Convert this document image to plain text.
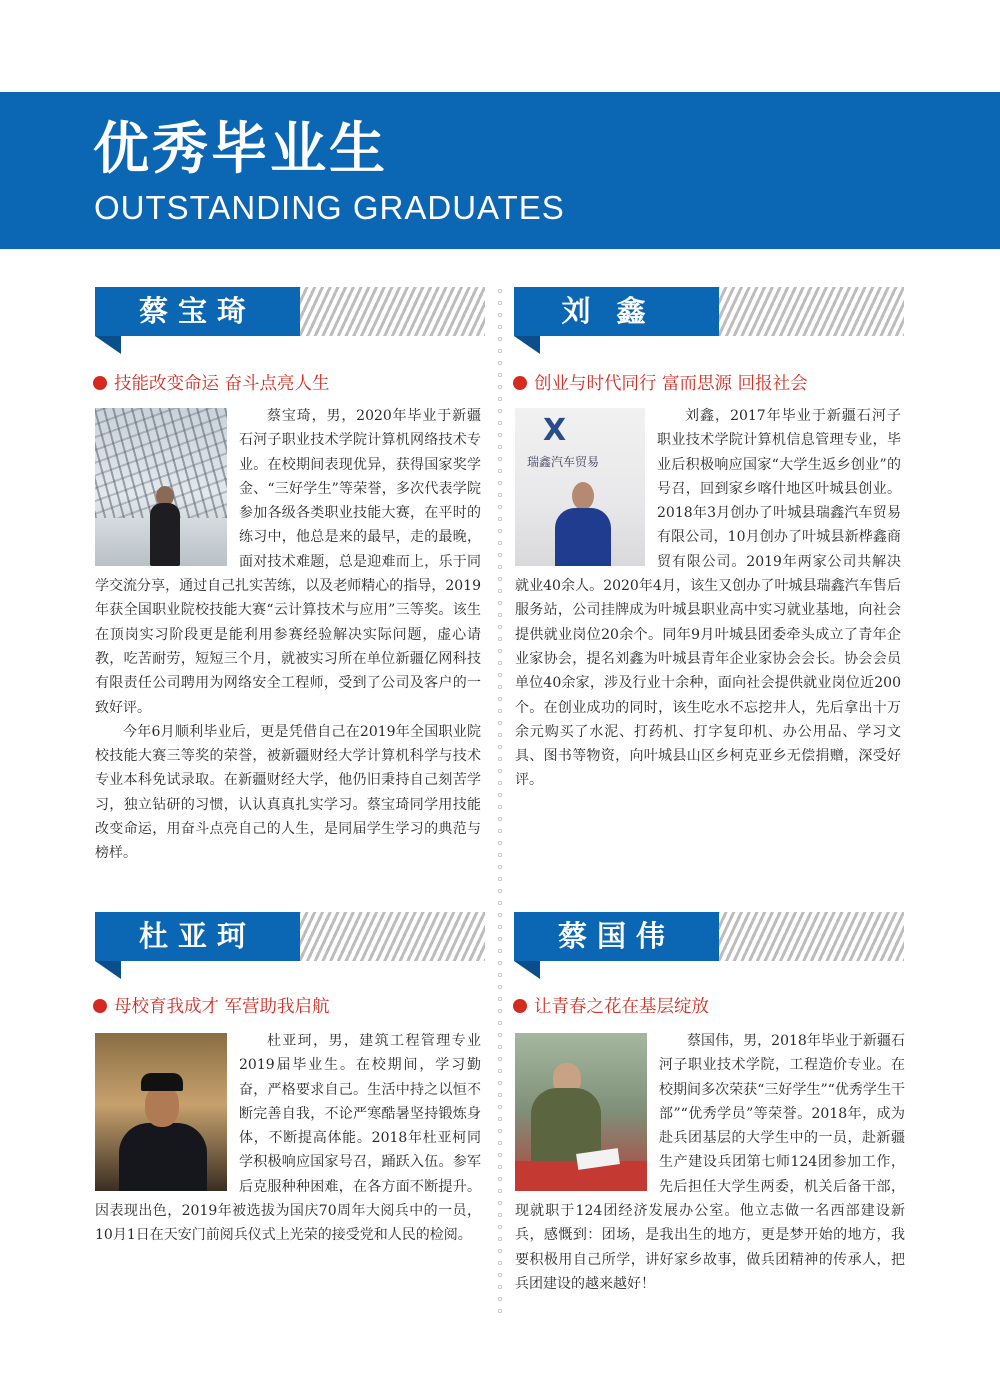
优秀毕业生
OUTSTANDING GRADUATES
蔡宝琦
技能改变命运 奋斗点亮人生

蔡宝琦，男，2020年毕业于新疆石河子职业技术学院计算机网络技术专业。在校期间表现优异，获得国家奖学金、“三好学生”等荣誉，多次代表学院参加各级各类职业技能大赛，在平时的练习中，他总是来的最早，走的最晚，面对技术难题，总是迎难而上，乐于同学交流分享，通过自己扎实苦练，以及老师精心的指导，2019年获全国职业院校技能大赛“云计算技术与应用”三等奖。该生在顶岗实习阶段更是能利用参赛经验解决实际问题，虚心请教，吃苦耐劳，短短三个月，就被实习所在单位新疆亿网科技有限责任公司聘用为网络安全工程师，受到了公司及客户的一致好评。

今年6月顺利毕业后，更是凭借自己在2019年全国职业院校技能大赛三等奖的荣誉，被新疆财经大学计算机科学与技术专业本科免试录取。在新疆财经大学，他仍旧秉持自己刻苦学习，独立钻研的习惯，认认真真扎实学习。蔡宝琦同学用技能改变命运，用奋斗点亮自己的人生，是同届学生学习的典范与榜样。

刘鑫
创业与时代同行 富而思源 回报社会
X
瑞鑫汽车贸易

刘鑫，2017年毕业于新疆石河子职业技术学院计算机信息管理专业，毕业后积极响应国家“大学生返乡创业”的号召，回到家乡喀什地区叶城县创业。2018年3月创办了叶城县瑞鑫汽车贸易有限公司，10月创办了叶城县新桦鑫商贸有限公司。2019年两家公司共解决就业40余人。2020年4月，该生又创办了叶城县瑞鑫汽车售后服务站，公司挂牌成为叶城县职业高中实习就业基地，向社会提供就业岗位20余个。同年9月叶城县团委牵头成立了青年企业家协会，提名刘鑫为叶城县青年企业家协会会长。协会会员单位40余家，涉及行业十余种，面向社会提供就业岗位近200个。在创业成功的同时，该生吃水不忘挖井人，先后拿出十万余元购买了水泥、打药机、打字复印机、办公用品、学习文具、图书等物资，向叶城县山区乡柯克亚乡无偿捐赠，深受好评。

杜亚珂
母校育我成才 军营助我启航

杜亚珂，男，建筑工程管理专业2019届毕业生。在校期间，学习勤奋，严格要求自己。生活中持之以恒不断完善自我，不论严寒酷暑坚持锻炼身体，不断提高体能。2018年杜亚柯同学积极响应国家号召，踊跃入伍。参军后克服种种困难，在各方面不断提升。因表现出色，2019年被选拔为国庆70周年大阅兵中的一员，10月1日在天安门前阅兵仪式上光荣的接受党和人民的检阅。

蔡国伟
让青春之花在基层绽放

蔡国伟，男，2018年毕业于新疆石河子职业技术学院，工程造价专业。在校期间多次荣获“三好学生”“优秀学生干部”“优秀学员”等荣誉。2018年，成为赴兵团基层的大学生中的一员，赴新疆生产建设兵团第七师124团参加工作，先后担任大学生两委，机关后备干部，现就职于124团经济发展办公室。他立志做一名西部建设新兵，感慨到：团场，是我出生的地方，更是梦开始的地方，我要积极用自己所学，讲好家乡故事，做兵团精神的传承人，把兵团建设的越来越好！
